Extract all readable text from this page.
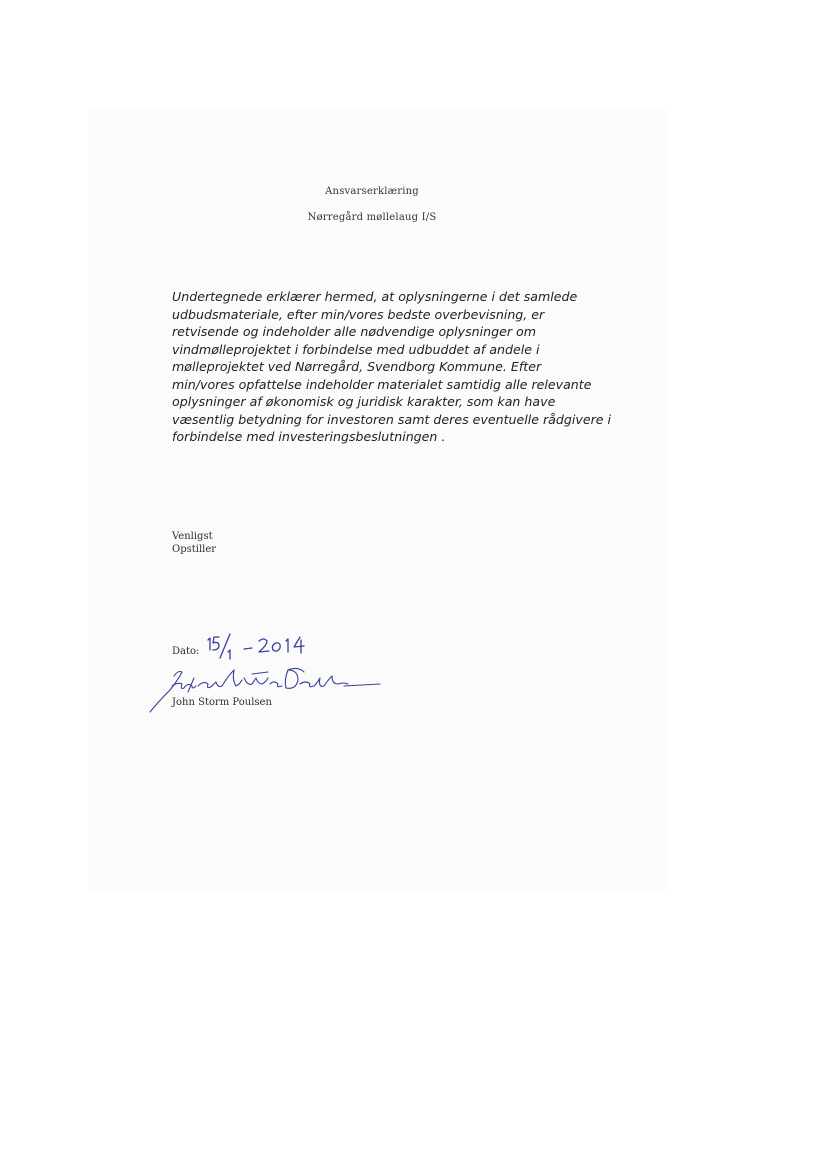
Ansvarserklæring
Nørregård møllelaug I/S

Undertegnede erklærer hermed, at oplysningerne i det samlede
udbudsmateriale, efter min/vores bedste overbevisning, er
retvisende og indeholder alle nødvendige oplysninger om
vindmølleprojektet i forbindelse med udbuddet af andele i
mølleprojektet ved Nørregård, Svendborg Kommune. Efter
min/vores opfattelse indeholder materialet samtidig alle relevante
oplysninger af økonomisk og juridisk karakter, som kan have
væsentlig betydning for investoren samt deres eventuelle rådgivere i
forbindelse med investeringsbeslutningen .

Venligst
Opstiller
Dato:
John Storm Poulsen
